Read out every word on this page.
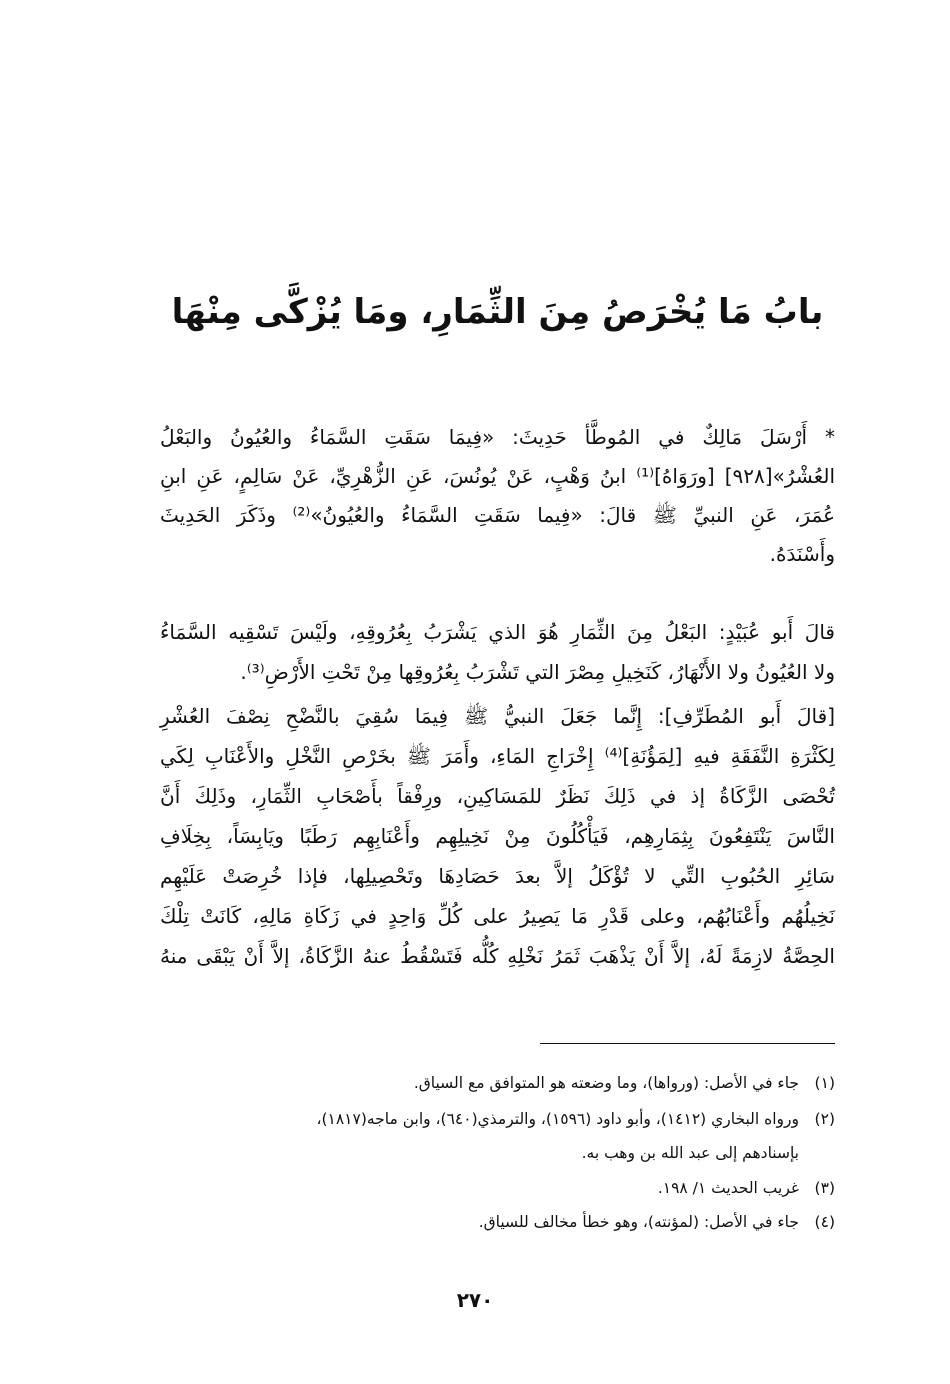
بابُ مَا يُخْرَصُ مِنَ الثِّمَارِ، ومَا يُزْكَّى مِنْهَا
* أَرْسَلَ مَالِكٌ في المُوطَّأ حَدِيثَ: «فِيمَا سَقَتِ السَّمَاءُ والعُيُونُ والبَعْلُ
العُشْرُ»[٩٢٨] [ورَوَاهُ]⁽¹⁾ ابنُ وَهْبٍ، عَنْ يُونُسَ، عَنِ الزُّهْرِيِّ، عَنْ سَالِمٍ، عَنِ ابنِ
عُمَرَ، عَنِ النبيِّ ﷺ قالَ: «فِيما سَقَتِ السَّمَاءُ والعُيُونُ»⁽²⁾ وذَكَرَ الحَدِيثَ
وأَسْنَدَهُ.
قالَ أَبو عُبَيْدٍ: البَعْلُ مِنَ الثِّمَارِ هُوَ الذي يَشْرَبُ بِعُرُوقِهِ، ولَيْسَ تَسْقِيه السَّمَاءُ
ولا العُيُونُ ولا الأَنْهَارُ، كَنَخِيلِ مِصْرَ التي تَشْرَبُ بِعُرُوقِها مِنْ تَحْتِ الأَرْضِ⁽³⁾.
[قالَ أَبو المُطَرِّفِ]: إِنَّما جَعَلَ النبيُّ ﷺ فِيمَا سُقِيَ بالنَّضْحِ نِصْفَ العُشْرِ
لِكَثْرَةِ النَّفَقَةِ فيهِ [لِمَؤُنَةِ]⁽⁴⁾ إِخْرَاجِ المَاءِ، وأَمَرَ ﷺ بخَرْصِ النَّخْلِ والأَعْنَابِ لِكَي
تُحْصَى الزَّكَاةُ إذ في ذَلِكَ نَظَرٌ للمَسَاكِينِ، ورِفْقاً بأَصْحَابِ الثِّمَارِ، وذَلِكَ أَنَّ
النَّاسَ يَنْتَفِعُونَ بِثِمَارِهِم، فَيَأْكُلُونَ مِنْ نَخِيلِهِم وأَعْنَابِهِم رَطَبًا ويَابِسَاً، بِخِلَافِ
سَائِرِ الحُبُوبِ التِّي لا تُؤْكَلُ إلاَّ بعدَ حَصَادِهَا وتَحْصِيلِها، فإذا خُرِصَتْ عَلَيْهِم
نَخِيلُهُم وأَعْنَابُهُم، وعلى قَدْرِ مَا يَصِيرُ على كُلِّ وَاحِدٍ في زَكَاةِ مَالِهِ، كَانَتْ تِلْكَ
الحِصَّةُ لازِمَةً لَهُ، إلاَّ أَنْ يَذْهَبَ ثَمَرُ نَخْلِهِ كُلُّه فَتَسْقُطُ عنهُ الزَّكَاةُ، إلاَّ أَنْ يَبْقَى منهُ
(١)جاء في الأصل: (ورواها)، وما وضعته هو المتوافق مع السياق.
(٢)ورواه البخاري (١٤١٢)، وأبو داود (١٥٩٦)، والترمذي(٦٤٠)، وابن ماجه(١٨١٧)،
بإسنادهم إلى عبد الله بن وهب به.
(٣)غريب الحديث ١/ ١٩٨.
(٤)جاء في الأصل: (لمؤنته)، وهو خطأ مخالف للسياق.
٢٧٠
